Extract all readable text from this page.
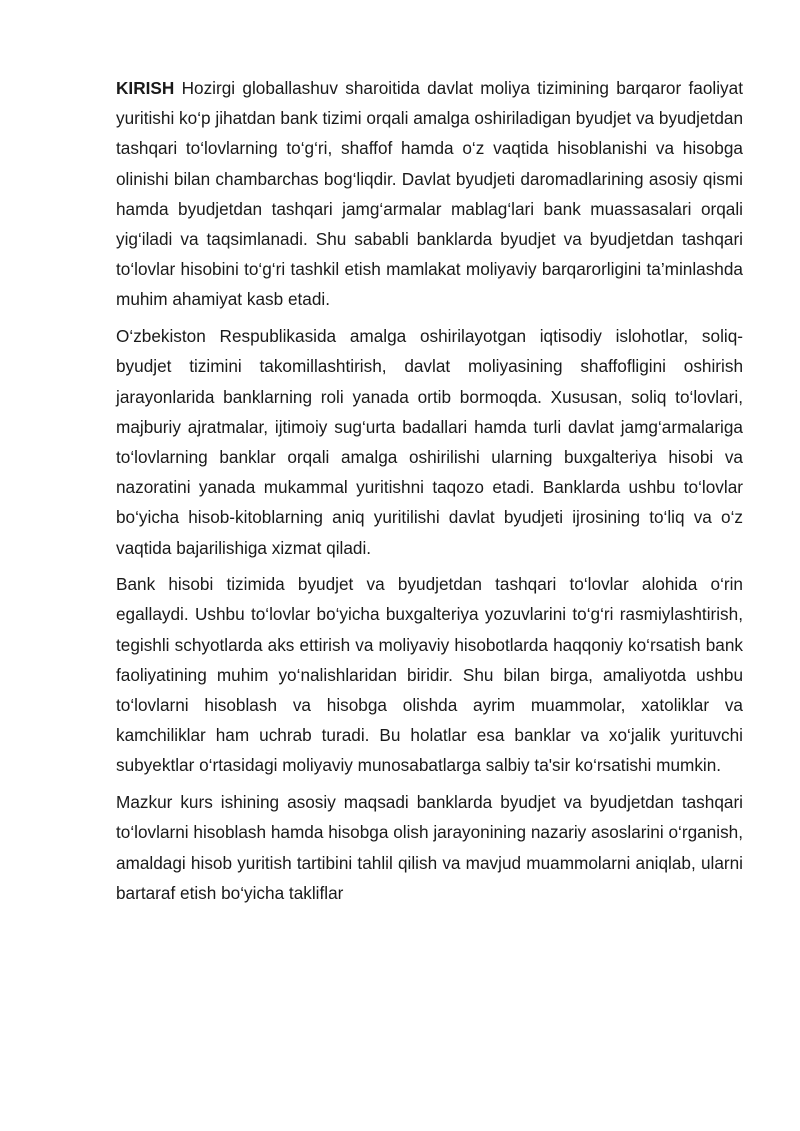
KIRISH Hozirgi globallashuv sharoitida davlat moliya tizimining barqaror faoliyat yuritishi ko‘p jihatdan bank tizimi orqali amalga oshiriladigan byudjet va byudjetdan tashqari to‘lovlarning to‘g‘ri, shaffof hamda o‘z vaqtida hisoblanishi va hisobga olinishi bilan chambarchas bog‘liqdir. Davlat byudjeti daromadlarining asosiy qismi hamda byudjetdan tashqari jamg‘armalar mablag‘lari bank muassasalari orqali yig‘iladi va taqsimlanadi. Shu sababli banklarda byudjet va byudjetdan tashqari to‘lovlar hisobini to‘g‘ri tashkil etish mamlakat moliyaviy barqarorligini ta’minlashda muhim ahamiyat kasb etadi.

O‘zbekiston Respublikasida amalga oshirilayotgan iqtisodiy islohotlar, soliq-byudjet tizimini takomillashtirish, davlat moliyasining shaffofligini oshirish jarayonlarida banklarning roli yanada ortib bormoqda. Xususan, soliq to‘lovlari, majburiy ajratmalar, ijtimoiy sug‘urta badallari hamda turli davlat jamg‘armalariga to‘lovlarning banklar orqali amalga oshirilishi ularning buxgalteriya hisobi va nazoratini yanada mukammal yuritishni taqozo etadi. Banklarda ushbu to‘lovlar bo‘yicha hisob-kitoblarning aniq yuritilishi davlat byudjeti ijrosining to‘liq va o‘z vaqtida bajarilishiga xizmat qiladi.

Bank hisobi tizimida byudjet va byudjetdan tashqari to‘lovlar alohida o‘rin egallaydi. Ushbu to‘lovlar bo‘yicha buxgalteriya yozuvlarini to‘g‘ri rasmiylashtirish, tegishli schyotlarda aks ettirish va moliyaviy hisobotlarda haqqoniy ko‘rsatish bank faoliyatining muhim yo‘nalishlaridan biridir. Shu bilan birga, amaliyotda ushbu to‘lovlarni hisoblash va hisobga olishda ayrim muammolar, xatoliklar va kamchiliklar ham uchrab turadi. Bu holatlar esa banklar va xo‘jalik yurituvchi subyektlar o‘rtasidagi moliyaviy munosabatlarga salbiy ta'sir ko‘rsatishi mumkin.

Mazkur kurs ishining asosiy maqsadi banklarda byudjet va byudjetdan tashqari to‘lovlarni hisoblash hamda hisobga olish jarayonining nazariy asoslarini o‘rganish, amaldagi hisob yuritish tartibini tahlil qilish va mavjud muammolarni aniqlab, ularni bartaraf etish bo‘yicha takliflar
